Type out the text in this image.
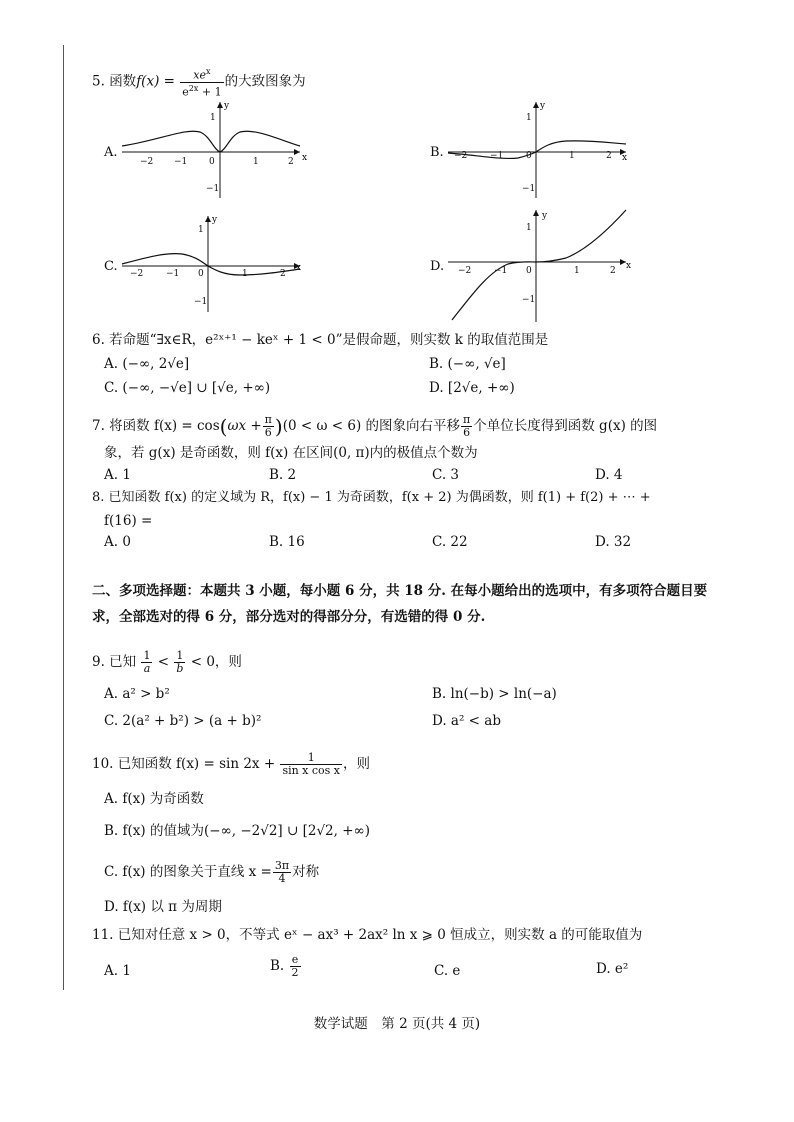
5. 函数$f(x) = \frac{xe^x}{e^{2x} + 1}$ 的大致图象为
A.
y
x
1
−1
−2 −1 0	1	2
B.
y
x
1
−1
−2	−1	0	1	2
C.
y
x
1
−1
−2	−1 0	1	2	D.
y
x
1
−1
−2	−1 0	1	2
6. 若命题“∃x∈R，e²ˣ⁺¹ − keˣ + 1 < 0”是假命题，则实数 k 的取值范围是
A. (−∞, 2√e]	B. (−∞, √e]
C. (−∞, −√e] ∪ [√e, +∞)	D. [2√e, +∞)
7. 将函数 $f(x) = \cos(\omega x + \frac{\pi}{6} )(0 < \omega < 6)$ 的图象向右平移 $\frac{\pi}{6}$ 个单位长度得到函数 g(x) 的图
象，若 g(x) 是奇函数，则 f(x) 在区间(0, π)内的极值点个数为
A. 1	B. 2	C. 3	D. 4
8. 已知函数 f(x) 的定义域为 R，f(x) − 1 为奇函数，f(x + 2) 为偶函数，则 f(1) + f(2) + ⋯ +
f(16) =
A. 0	B. 16	C. 22	D. 32
二、多项选择题：本题共 3 小题，每小题 6 分，共 18 分. 在每小题给出的选项中，有多项符合题目要求，全部选对的得 6 分，部分选对的得部分分，有选错的得 0 分.
9. 已知 $\frac{1}{a} < \frac{1}{b} < 0$，则
A. a² > b²	B. ln(−b) > ln(−a)
C. 2(a² + b²) > (a + b)²	D. a² < ab
10. 已知函数 $f(x) = \sin 2x + \frac{1}{\text{sin x cos x}}$ ，则
A. f(x) 为奇函数
B. f(x) 的值域为(−∞, −2√2] ∪ [2√2, +∞)
C. f(x) 的图象关于直线 $x = \frac{3\pi}{4}$ 对称
D. f(x) 以 π 为周期
11. 已知对任意 x > 0，不等式 eˣ − ax³ + 2ax² ln x ⩾ 0 恒成立，则实数 a 的可能取值为
A. 1	B. $\frac{e}{2}$	C. e	D. e²
数学试题　第 2 页(共 4 页)
